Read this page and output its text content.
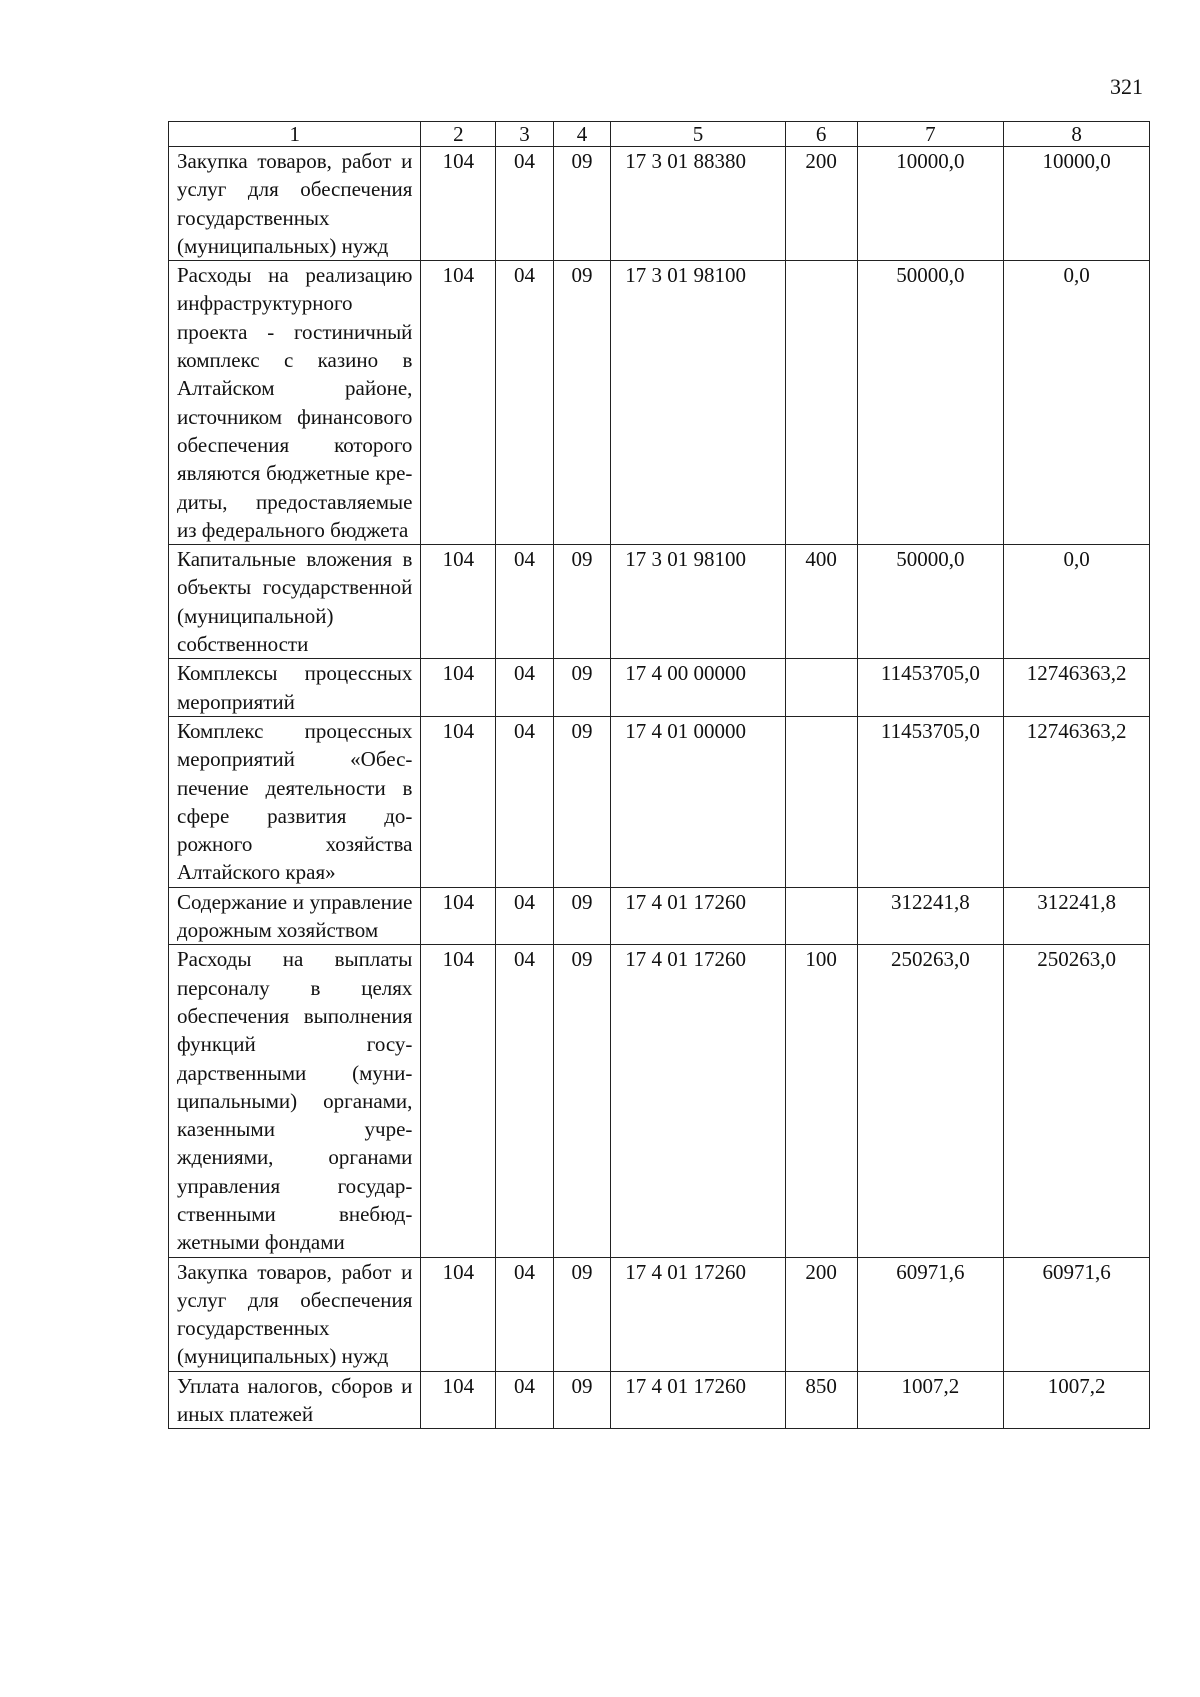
321
1	2	3	4	5	6	7	8
Закупка товаров, работ и услуг для обеспечения государственных (муниципальных) нужд	104	04	09	17 3 01 88380	200	10000,0	10000,0
Расходы на реализацию инфраструктурного проекта - гостиничный комплекс с казино в Алтайском районе, источником финансового обеспечения которого являются бюджетные кредиты, предоставляемые из федерального бюджета	104	04	09	17 3 01 98100		50000,0	0,0
Капитальные вложения в объекты государственной (муниципальной) собственности	104	04	09	17 3 01 98100	400	50000,0	0,0
Комплексы процессных мероприятий	104	04	09	17 4 00 00000		11453705,0	12746363,2
Комплекс процессных мероприятий «Обеспечение деятельности в сфере развития дорожного хозяйства Алтайского края»	104	04	09	17 4 01 00000		11453705,0	12746363,2
Содержание и управление дорожным хозяйством	104	04	09	17 4 01 17260		312241,8	312241,8
Расходы на выплаты персоналу в целях обеспечения выполнения функций государственными (муниципальными) органами, казенными учреждениями, органами управления государственными внебюджетными фондами	104	04	09	17 4 01 17260	100	250263,0	250263,0
Закупка товаров, работ и услуг для обеспечения государственных (муниципальных) нужд	104	04	09	17 4 01 17260	200	60971,6	60971,6
Уплата налогов, сборов и иных платежей	104	04	09	17 4 01 17260	850	1007,2	1007,2
